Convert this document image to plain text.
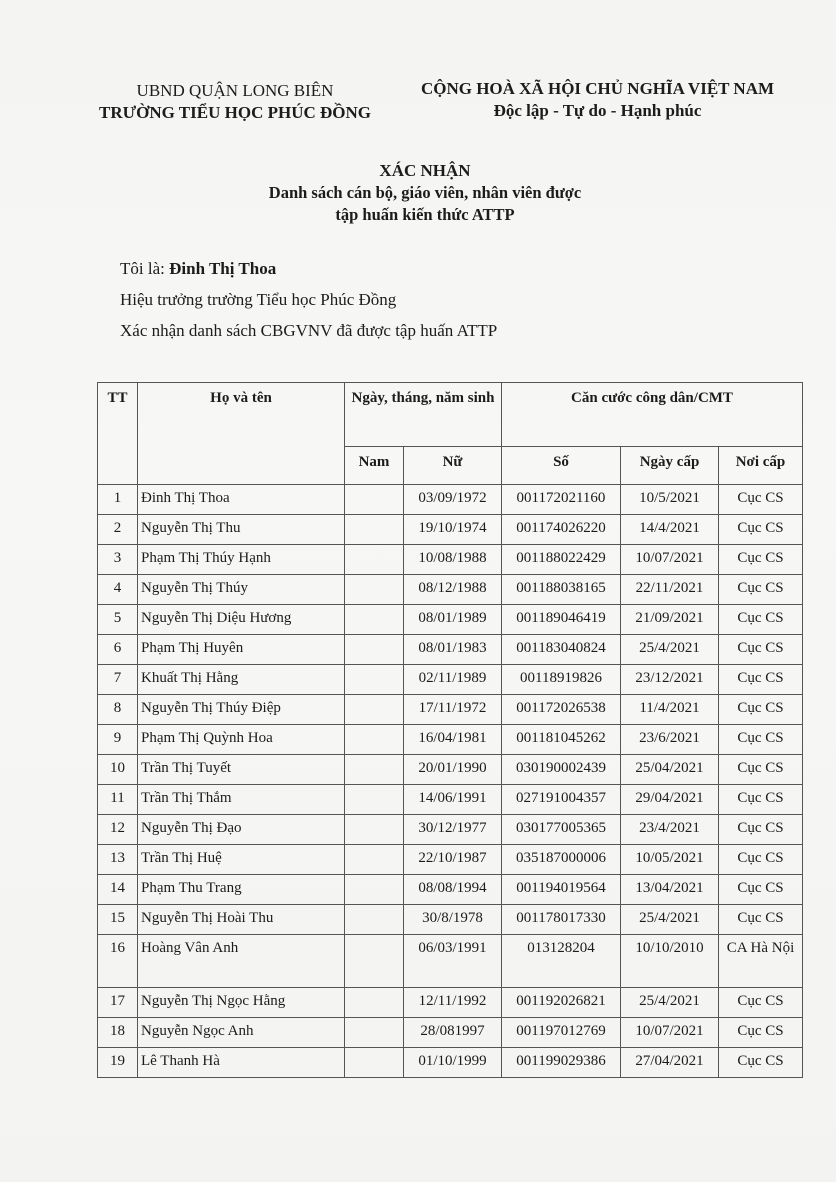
UBND QUẬN LONG BIÊN
TRƯỜNG TIỂU HỌC PHÚC ĐỒNG
CỘNG HOÀ XÃ HỘI CHỦ NGHĨA VIỆT NAM
Độc lập - Tự do - Hạnh phúc
XÁC NHẬN
Danh sách cán bộ, giáo viên, nhân viên được
tập huấn kiến thức ATTP
Tôi là: Đinh Thị Thoa
Hiệu trưởng trường Tiểu học Phúc Đồng
Xác nhận danh sách CBGVNV đã được tập huấn ATTP
TT	Họ và tên	Ngày, tháng, năm sinh		Căn cước công dân/CMT		
		Nam	Nữ	Số	Ngày cấp	Nơi cấp
1	Đinh Thị Thoa		03/09/1972	001172021160	10/5/2021	Cục CS
2	Nguyễn Thị Thu		19/10/1974	001174026220	14/4/2021	Cục CS
3	Phạm Thị Thúy Hạnh		10/08/1988	001188022429	10/07/2021	Cục CS
4	Nguyễn Thị Thúy		08/12/1988	001188038165	22/11/2021	Cục CS
5	Nguyễn Thị Diệu Hương		08/01/1989	001189046419	21/09/2021	Cục CS
6	Phạm Thị Huyên		08/01/1983	001183040824	25/4/2021	Cục CS
7	Khuất Thị Hằng		02/11/1989	00118919826	23/12/2021	Cục CS
8	Nguyễn Thị Thúy Điệp		17/11/1972	001172026538	11/4/2021	Cục CS
9	Phạm Thị Quỳnh Hoa		16/04/1981	001181045262	23/6/2021	Cục CS
10	Trần Thị Tuyết		20/01/1990	030190002439	25/04/2021	Cục CS
11	Trần Thị Thắm		14/06/1991	027191004357	29/04/2021	Cục CS
12	Nguyễn Thị Đạo		30/12/1977	030177005365	23/4/2021	Cục CS
13	Trần Thị Huệ		22/10/1987	035187000006	10/05/2021	Cục CS
14	Phạm Thu Trang		08/08/1994	001194019564	13/04/2021	Cục CS
15	Nguyễn Thị Hoài Thu		30/8/1978	001178017330	25/4/2021	Cục CS
16	Hoàng Vân Anh		06/03/1991	013128204	10/10/2010	CA Hà Nội
17	Nguyễn Thị Ngọc Hằng		12/11/1992	001192026821	25/4/2021	Cục CS
18	Nguyễn Ngọc Anh		28/081997	001197012769	10/07/2021	Cục CS
19	Lê Thanh Hà		01/10/1999	001199029386	27/04/2021	Cục CS
